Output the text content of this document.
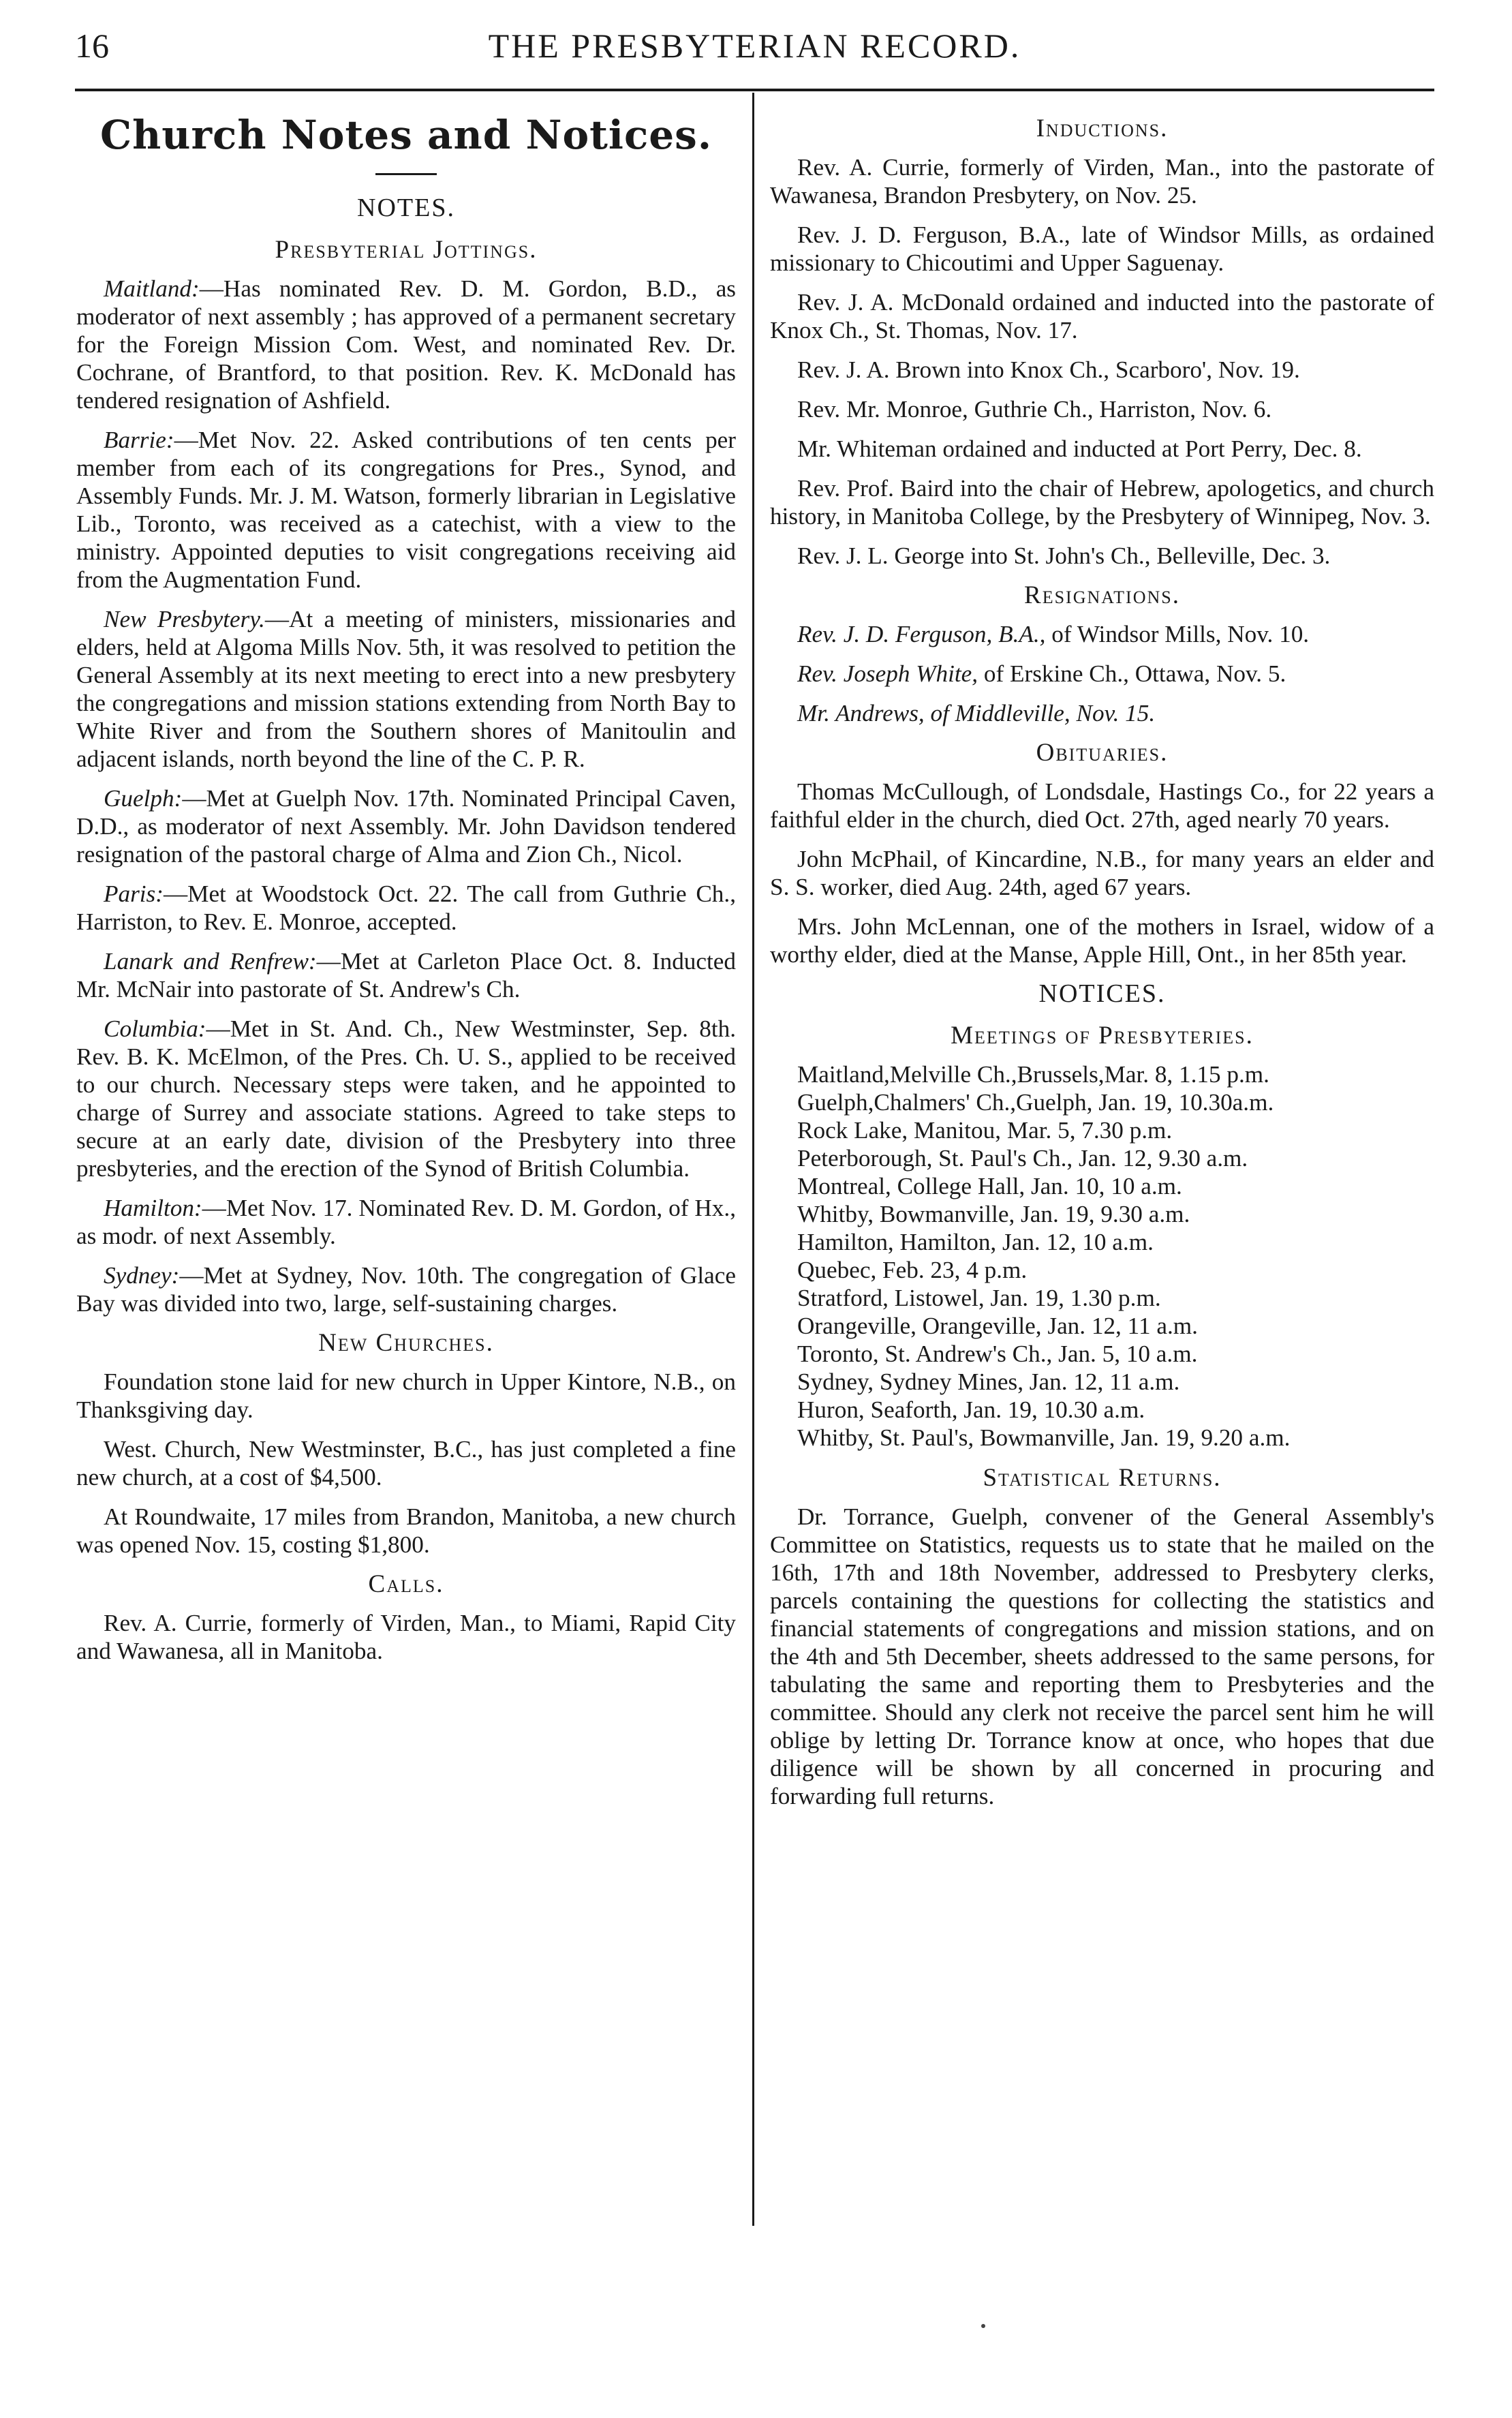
16	THE PRESBYTERIAN RECORD.
Church Notes and Notices.
NOTES.
Presbyterial Jottings.

Maitland:—Has nominated Rev. D. M. Gordon, B.D., as moderator of next assembly ; has approved of a permanent secretary for the Foreign Mission Com. West, and nominated Rev. Dr. Cochrane, of Brantford, to that position. Rev. K. McDonald has tendered resignation of Ashfield.

Barrie:—Met Nov. 22. Asked contributions of ten cents per member from each of its congregations for Pres., Synod, and Assembly Funds. Mr. J. M. Watson, formerly librarian in Legislative Lib., Toronto, was received as a catechist, with a view to the ministry. Appointed deputies to visit congregations receiving aid from the Augmentation Fund.

New Presbytery.—At a meeting of ministers, missionaries and elders, held at Algoma Mills Nov. 5th, it was resolved to petition the General Assembly at its next meeting to erect into a new presbytery the congregations and mission stations extending from North Bay to White River and from the Southern shores of Manitoulin and adjacent islands, north beyond the line of the C. P. R.

Guelph:—Met at Guelph Nov. 17th. Nominated Principal Caven, D.D., as moderator of next Assembly. Mr. John Davidson tendered resignation of the pastoral charge of Alma and Zion Ch., Nicol.

Paris:—Met at Woodstock Oct. 22. The call from Guthrie Ch., Harriston, to Rev. E. Monroe, accepted.

Lanark and Renfrew:—Met at Carleton Place Oct. 8. Inducted Mr. McNair into pastorate of St. Andrew's Ch.

Columbia:—Met in St. And. Ch., New Westminster, Sep. 8th. Rev. B. K. McElmon, of the Pres. Ch. U. S., applied to be received to our church. Necessary steps were taken, and he appointed to charge of Surrey and associate stations. Agreed to take steps to secure at an early date, division of the Presbytery into three presbyteries, and the erection of the Synod of British Columbia.

Hamilton:—Met Nov. 17. Nominated Rev. D. M. Gordon, of Hx., as modr. of next Assembly.

Sydney:—Met at Sydney, Nov. 10th. The congregation of Glace Bay was divided into two, large, self-sustaining charges.

New Churches.

Foundation stone laid for new church in Upper Kintore, N.B., on Thanksgiving day.

West. Church, New Westminster, B.C., has just completed a fine new church, at a cost of $4,500.

At Roundwaite, 17 miles from Brandon, Manitoba, a new church was opened Nov. 15, costing $1,800.

Calls.

Rev. A. Currie, formerly of Virden, Man., to Miami, Rapid City and Wawanesa, all in Manitoba.

Inductions.

Rev. A. Currie, formerly of Virden, Man., into the pastorate of Wawanesa, Brandon Presbytery, on Nov. 25.

Rev. J. D. Ferguson, B.A., late of Windsor Mills, as ordained missionary to Chicoutimi and Upper Saguenay.

Rev. J. A. McDonald ordained and inducted into the pastorate of Knox Ch., St. Thomas, Nov. 17.

Rev. J. A. Brown into Knox Ch., Scarboro', Nov. 19.

Rev. Mr. Monroe, Guthrie Ch., Harriston, Nov. 6.

Mr. Whiteman ordained and inducted at Port Perry, Dec. 8.

Rev. Prof. Baird into the chair of Hebrew, apologetics, and church history, in Manitoba College, by the Presbytery of Winnipeg, Nov. 3.

Rev. J. L. George into St. John's Ch., Belleville, Dec. 3.

Resignations.

Rev. J. D. Ferguson, B.A., of Windsor Mills, Nov. 10.

Rev. Joseph White, of Erskine Ch., Ottawa, Nov. 5.

Mr. Andrews, of Middleville, Nov. 15.

Obituaries.

Thomas McCullough, of Londsdale, Hastings Co., for 22 years a faithful elder in the church, died Oct. 27th, aged nearly 70 years.

John McPhail, of Kincardine, N.B., for many years an elder and S. S. worker, died Aug. 24th, aged 67 years.

Mrs. John McLennan, one of the mothers in Israel, widow of a worthy elder, died at the Manse, Apple Hill, Ont., in her 85th year.

NOTICES.
Meetings of Presbyteries.
Maitland,Melville Ch.,Brussels,Mar. 8, 1.15 p.m.
Guelph,Chalmers' Ch.,Guelph, Jan. 19, 10.30a.m.
Rock Lake, Manitou, Mar. 5, 7.30 p.m.
Peterborough, St. Paul's Ch., Jan. 12, 9.30 a.m.
Montreal, College Hall, Jan. 10, 10 a.m.
Whitby, Bowmanville, Jan. 19, 9.30 a.m.
Hamilton, Hamilton, Jan. 12, 10 a.m.
Quebec, Feb. 23, 4 p.m.
Stratford, Listowel, Jan. 19, 1.30 p.m.
Orangeville, Orangeville, Jan. 12, 11 a.m.
Toronto, St. Andrew's Ch., Jan. 5, 10 a.m.
Sydney, Sydney Mines, Jan. 12, 11 a.m.
Huron, Seaforth, Jan. 19, 10.30 a.m.
Whitby, St. Paul's, Bowmanville, Jan. 19, 9.20 a.m.
Statistical Returns.

Dr. Torrance, Guelph, convener of the General Assembly's Committee on Statistics, requests us to state that he mailed on the 16th, 17th and 18th November, addressed to Presbytery clerks, parcels containing the questions for collecting the statistics and financial statements of congregations and mission stations, and on the 4th and 5th December, sheets addressed to the same persons, for tabulating the same and reporting them to Presbyteries and the committee. Should any clerk not receive the parcel sent him he will oblige by letting Dr. Torrance know at once, who hopes that due diligence will be shown by all concerned in procuring and forwarding full returns.
